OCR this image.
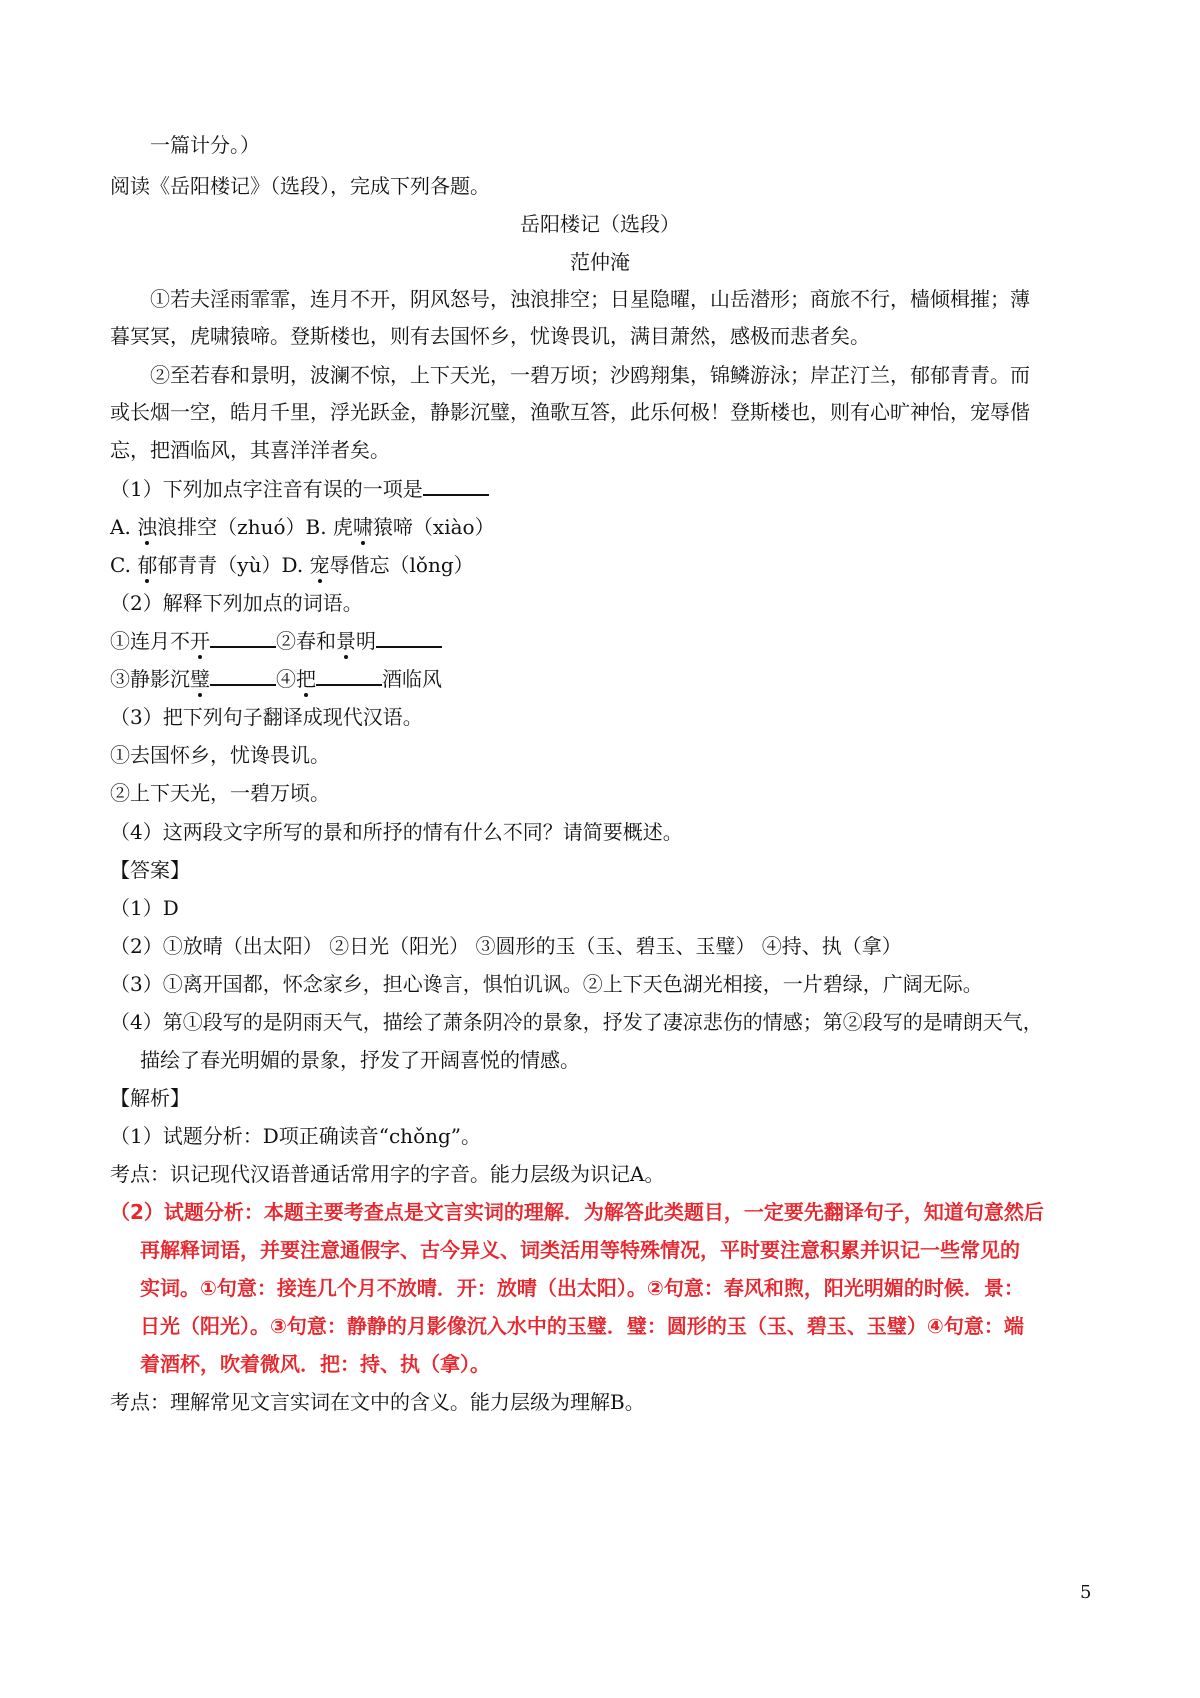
一篇计分。）
阅读《岳阳楼记》（选段），完成下列各题。
岳阳楼记（选段）
范仲淹
①若夫淫雨霏霏，连月不开，阴风怒号，浊浪排空；日星隐曜，山岳潜形；商旅不行，樯倾楫摧；薄
暮冥冥，虎啸猿啼。登斯楼也，则有去国怀乡，忧谗畏讥，满目萧然，感极而悲者矣。
②至若春和景明，波澜不惊，上下天光，一碧万顷；沙鸥翔集，锦鳞游泳；岸芷汀兰，郁郁青青。而
或长烟一空，皓月千里，浮光跃金，静影沉璧，渔歌互答，此乐何极！登斯楼也，则有心旷神怡，宠辱偕
忘，把酒临风，其喜洋洋者矣。
（1）下列加点字注音有误的一项是
A. 浊浪排空（zhuó）B. 虎啸猿啼（xiào）
C. 郁郁青青（yù）D. 宠辱偕忘（lǒng）
（2）解释下列加点的词语。
①连月不开	②春和景明
③静影沉璧	④把	酒临风
（3）把下列句子翻译成现代汉语。
①去国怀乡，忧谗畏讥。
②上下天光，一碧万顷。
（4）这两段文字所写的景和所抒的情有什么不同？请简要概述。
【答案】
（1）D
（2）①放晴（出太阳） ②日光（阳光） ③圆形的玉（玉、碧玉、玉璧） ④持、执（拿）
（3）①离开国都，怀念家乡，担心谗言，惧怕讥讽。②上下天色湖光相接，一片碧绿，广阔无际。
（4）第①段写的是阴雨天气，描绘了萧条阴冷的景象，抒发了凄凉悲伤的情感；第②段写的是晴朗天气，
描绘了春光明媚的景象，抒发了开阔喜悦的情感。
【解析】
（1）试题分析：D项正确读音“chǒng”。
考点：识记现代汉语普通话常用字的字音。能力层级为识记A。
（2）试题分析：本题主要考查点是文言实词的理解．为解答此类题目，一定要先翻译句子，知道句意然后
再解释词语，并要注意通假字、古今异义、词类活用等特殊情况，平时要注意积累并识记一些常见的
实词。①句意：接连几个月不放晴．开：放晴（出太阳）。②句意：春风和煦，阳光明媚的时候．景：
日光（阳光）。③句意：静静的月影像沉入水中的玉璧．璧：圆形的玉（玉、碧玉、玉璧）④句意：端
着酒杯，吹着微风．把：持、执（拿）。
考点：理解常见文言实词在文中的含义。能力层级为理解B。
5
